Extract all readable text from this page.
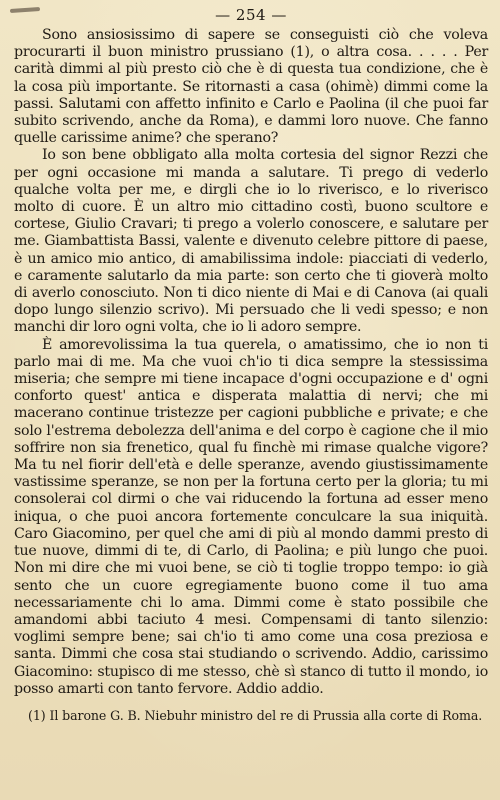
— 254 —

Sono ansiosissimo di sapere se conseguisti ciò che voleva procurarti il buon ministro prussiano (1), o altra cosa. . . . . Per carità dimmi al più presto ciò che è di questa tua condizione, che è la cosa più importante. Se ritornasti a casa (ohimè) dimmi come la passi. Salutami con affetto infinito e Carlo e Paolina (il che puoi far subito scrivendo, anche da Roma), e dammi loro nuove. Che fanno quelle carissime anime? che sperano?

Io son bene obbligato alla molta cortesia del signor Rezzi che per ogni occasione mi manda a salutare. Ti prego di vederlo qualche volta per me, e dirgli che io lo riverisco, e lo riverisco molto di cuore. È un altro mio cittadino costì, buono scultore e cortese, Giulio Cravari; ti prego a volerlo conoscere, e salutare per me. Giambattista Bassi, valente e divenuto celebre pittore di paese, è un amico mio antico, di amabilissima indole: piacciati di vederlo, e caramente salutarlo da mia parte: son certo che ti gioverà molto di averlo conosciuto. Non ti dico niente di Mai e di Canova (ai quali dopo lungo silenzio scrivo). Mi persuado che li vedi spesso; e non manchi dir loro ogni volta, che io li adoro sempre.

È amorevolissima la tua querela, o amatissimo, che io non ti parlo mai di me. Ma che vuoi ch'io ti dica sempre la stessissima miseria; che sempre mi tiene incapace d'ogni occupazione e d' ogni conforto quest' antica e disperata malattia di nervi; che mi macerano continue tristezze per cagioni pubbliche e private; e che solo l'estrema debolezza dell'anima e del corpo è cagione che il mio soffrire non sia frenetico, qual fu finchè mi rimase qualche vigore? Ma tu nel fiorir dell'età e delle speranze, avendo giustissimamente vastissime speranze, se non per la fortuna certo per la gloria; tu mi consolerai col dirmi o che vai riducendo la fortuna ad esser meno iniqua, o che puoi ancora fortemente conculcare la sua iniquità. Caro Giacomino, per quel che ami di più al mondo dammi presto di tue nuove, dimmi di te, di Carlo, di Paolina; e più lungo che puoi. Non mi dire che mi vuoi bene, se ciò ti toglie troppo tempo: io già sento che un cuore egregiamente buono come il tuo ama necessariamente chi lo ama. Dimmi come è stato possibile che amandomi abbi taciuto 4 mesi. Compensami di tanto silenzio: voglimi sempre bene; sai ch'io ti amo come una cosa preziosa e santa. Dimmi che cosa stai studiando o scrivendo. Addio, carissimo Giacomino: stupisco di me stesso, chè sì stanco di tutto il mondo, io posso amarti con tanto fervore. Addio addio.

(1) Il barone G. B. Niebuhr ministro del re di Prussia alla corte di Roma.
